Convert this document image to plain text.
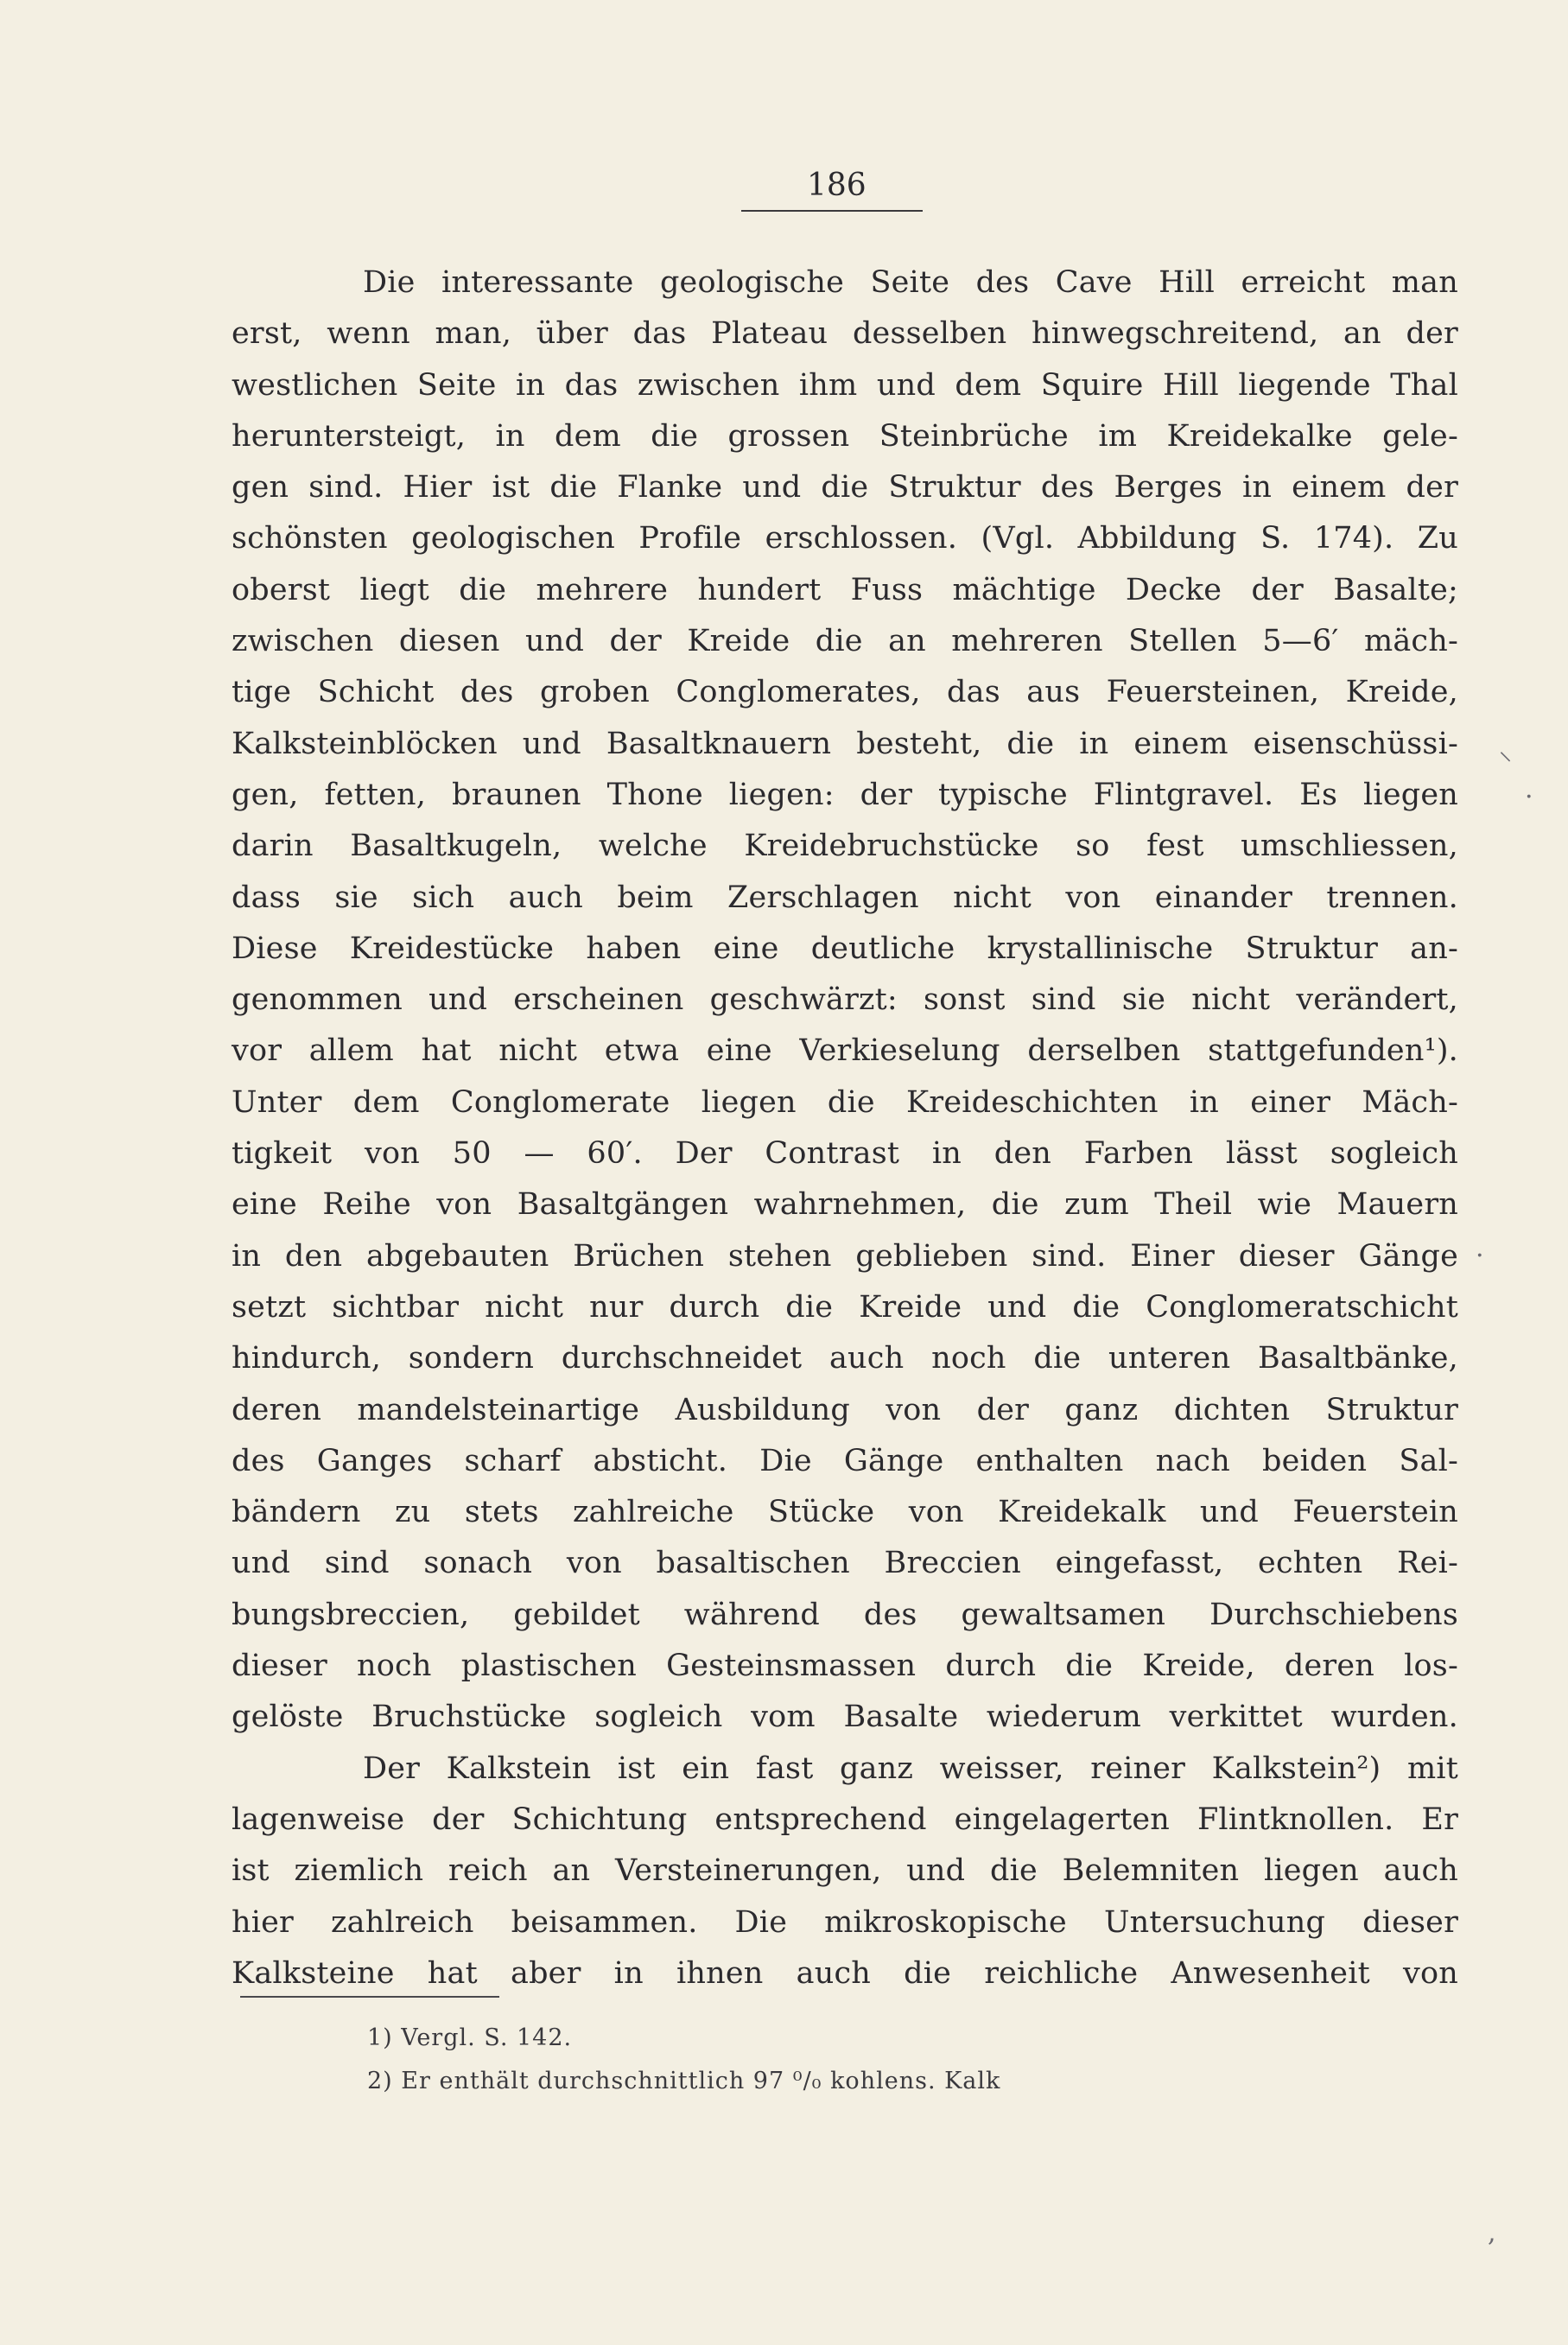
186
Die interessante geologische Seite des Cave Hill erreicht man
erst, wenn man, über das Plateau desselben hinwegschreitend, an der
westlichen Seite in das zwischen ihm und dem Squire Hill liegende Thal
heruntersteigt, in dem die grossen Steinbrüche im Kreidekalke gele-
gen sind. Hier ist die Flanke und die Struktur des Berges in einem der
schönsten geologischen Profile erschlossen. (Vgl. Abbildung S. 174). Zu
oberst liegt die mehrere hundert Fuss mächtige Decke der Basalte;
zwischen diesen und der Kreide die an mehreren Stellen 5—6′ mäch-
tige Schicht des groben Conglomerates, das aus Feuersteinen, Kreide,
Kalksteinblöcken und Basaltknauern besteht, die in einem eisenschüssi-
gen, fetten, braunen Thone liegen: der typische Flintgravel. Es liegen
darin Basaltkugeln, welche Kreidebruchstücke so fest umschliessen,
dass sie sich auch beim Zerschlagen nicht von einander trennen.
Diese Kreidestücke haben eine deutliche krystallinische Struktur an-
genommen und erscheinen geschwärzt: sonst sind sie nicht verändert,
vor allem hat nicht etwa eine Verkieselung derselben stattgefunden¹).
Unter dem Conglomerate liegen die Kreideschichten in einer Mäch-
tigkeit von 50 — 60′. Der Contrast in den Farben lässt sogleich
eine Reihe von Basaltgängen wahrnehmen, die zum Theil wie Mauern
in den abgebauten Brüchen stehen geblieben sind. Einer dieser Gänge
setzt sichtbar nicht nur durch die Kreide und die Conglomeratschicht
hindurch, sondern durchschneidet auch noch die unteren Basaltbänke,
deren mandelsteinartige Ausbildung von der ganz dichten Struktur
des Ganges scharf absticht. Die Gänge enthalten nach beiden Sal-
bändern zu stets zahlreiche Stücke von Kreidekalk und Feuerstein
und sind sonach von basaltischen Breccien eingefasst, echten Rei-
bungsbreccien, gebildet während des gewaltsamen Durchschiebens
dieser noch plastischen Gesteinsmassen durch die Kreide, deren los-
gelöste Bruchstücke sogleich vom Basalte wiederum verkittet wurden.
Der Kalkstein ist ein fast ganz weisser, reiner Kalkstein²) mit
lagenweise der Schichtung entsprechend eingelagerten Flintknollen. Er
ist ziemlich reich an Versteinerungen, und die Belemniten liegen auch
hier zahlreich beisammen. Die mikroskopische Untersuchung dieser
Kalksteine hat aber in ihnen auch die reichliche Anwesenheit von
1) Vergl. S. 142.
2) Er enthält durchschnittlich 97 ⁰/₀ kohlens. Kalk
⸜
·
.
,
